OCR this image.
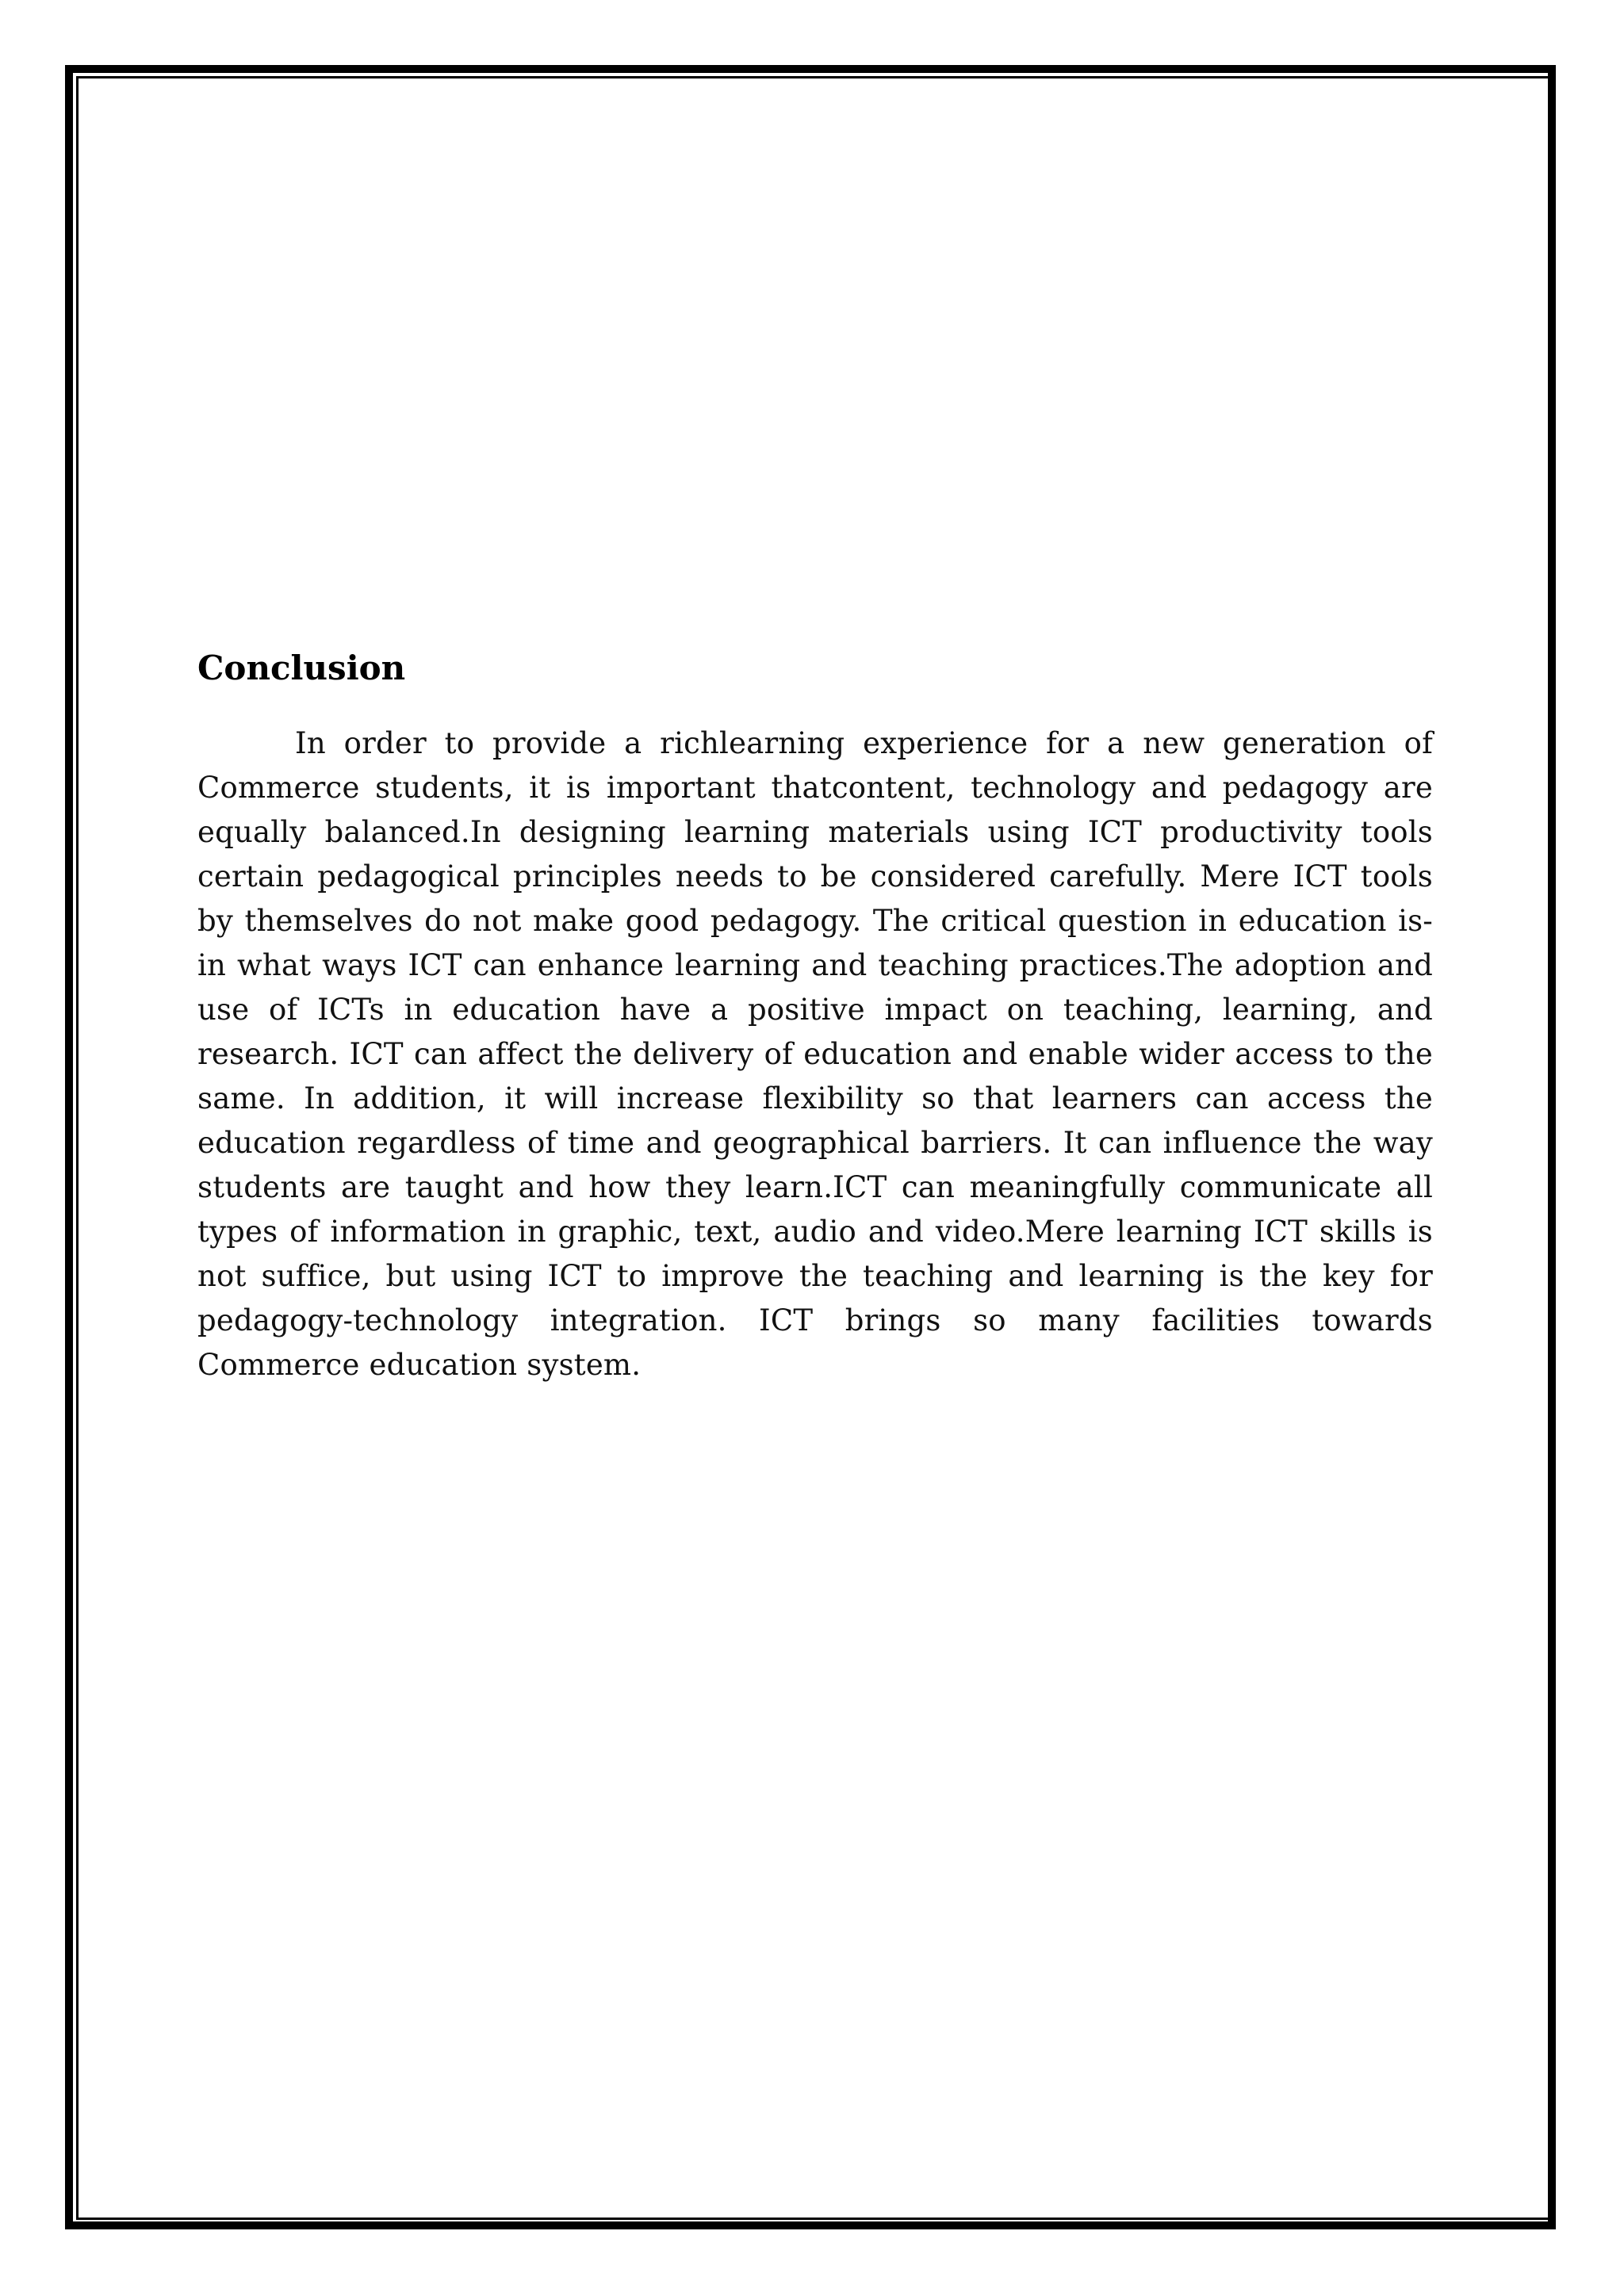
Conclusion

In order to provide a richlearning experience for a new generation of Commerce students, it is important thatcontent, technology and pedagogy are equally balanced.In designing learning materials using ICT productivity tools certain pedagogical principles needs to be considered carefully. Mere ICT tools by themselves do not make good pedagogy. The critical question in education is- in what ways ICT can enhance learning and teaching practices.The adoption and use of ICTs in education have a positive impact on teaching, learning, and research. ICT can affect the delivery of education and enable wider access to the same. In addition, it will increase flexibility so that learners can access the education regardless of time and geographical barriers. It can influence the way students are taught and how they learn.ICT can meaningfully communicate all types of information in graphic, text, audio and video.Mere learning ICT skills is not suffice, but using ICT to improve the teaching and learning is the key for pedagogy-technology integration. ICT brings so many facilities towards Commerce education system.
